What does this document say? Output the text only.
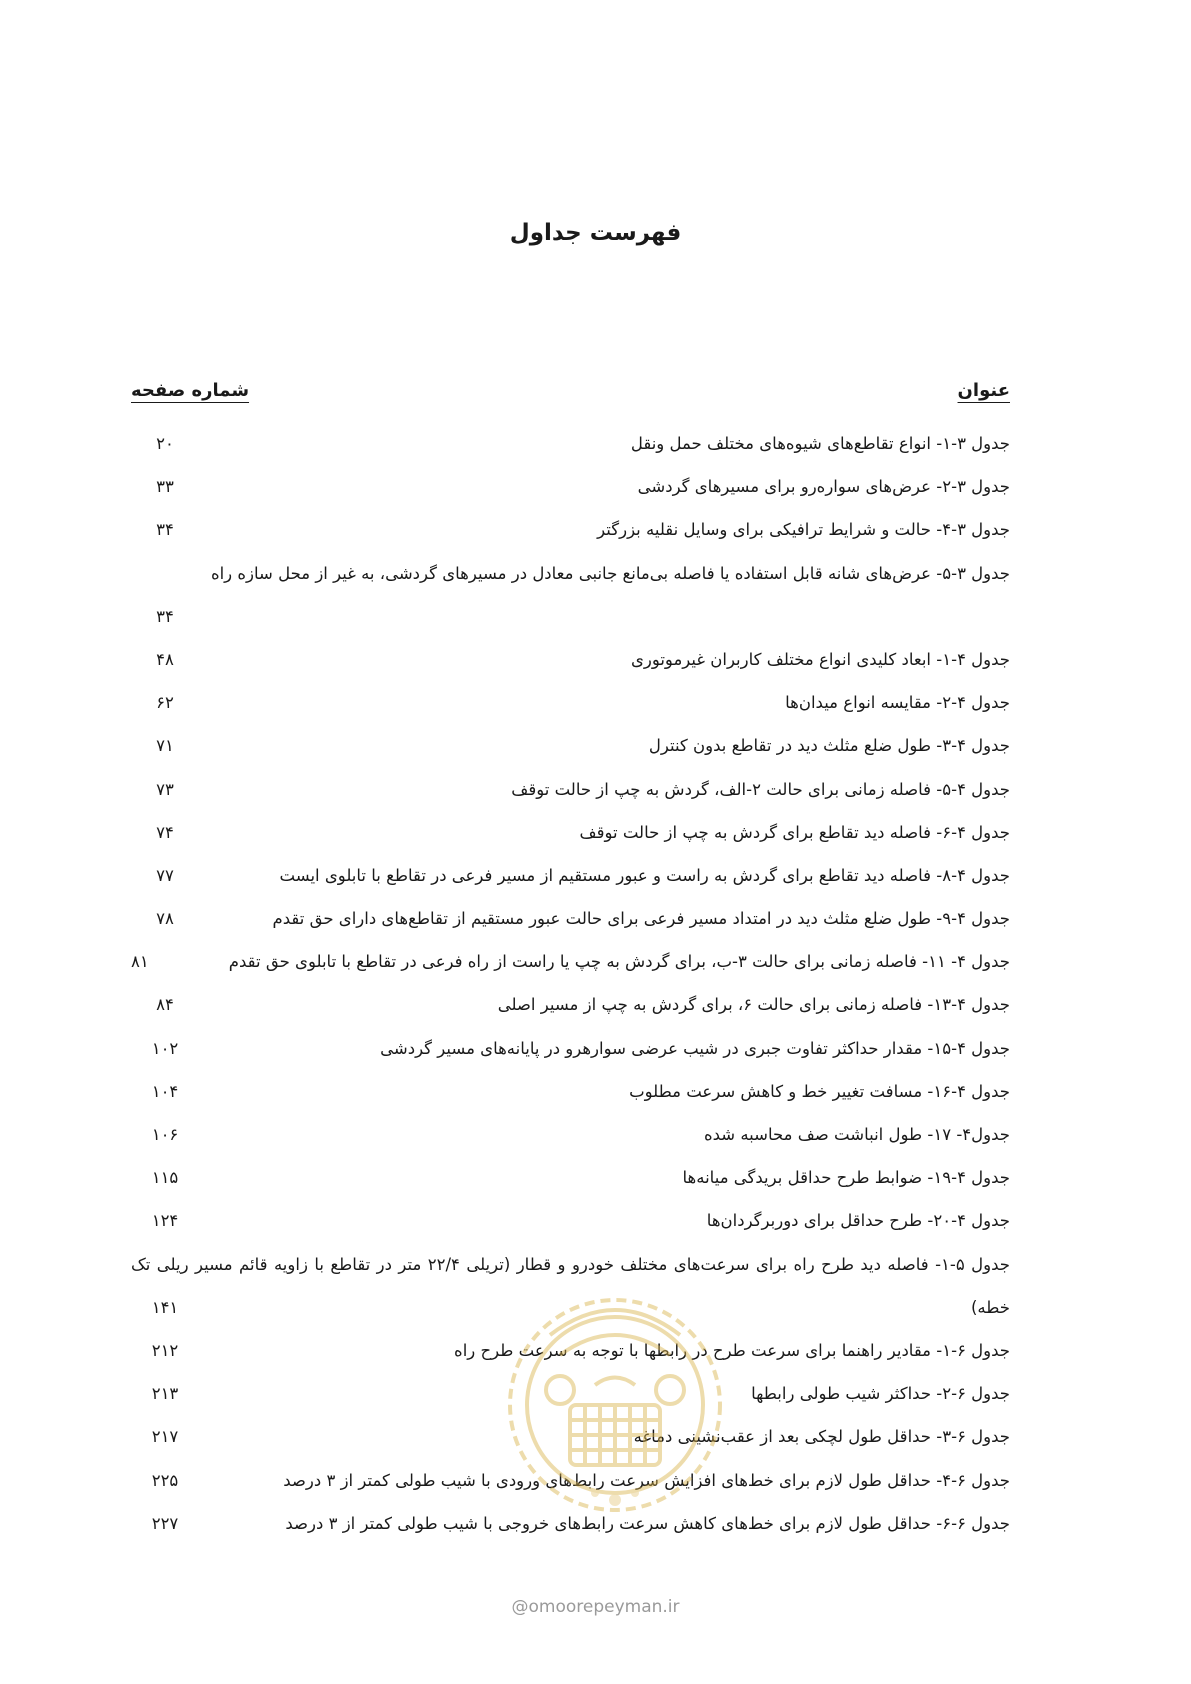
فهرست جداول
عنوان
شماره صفحه
جدول ۳-۱- انواع تقاطع‌های شیوه‌های مختلف حمل ونقل
۲۰
جدول ۳-۲- عرض‌های سواره‌رو برای مسیرهای گردشی
۳۳
جدول ۳-۴- حالت و شرایط ترافیکی برای وسایل نقلیه بزرگتر
۳۴
جدول ۳-۵- عرض‌های شانه قابل استفاده یا فاصله بی‌مانع جانبی معادل در مسیرهای گردشی، به غیر از محل سازه راه
۳۴
جدول ۴-۱- ابعاد کلیدی انواع مختلف کاربران غیرموتوری
۴۸
جدول ۴-۲- مقایسه انواع میدان‌ها
۶۲
جدول ۴-۳- طول ضلع مثلث دید در تقاطع بدون کنترل
۷۱
جدول ۴-۵- فاصله زمانی برای حالت ۲-الف، گردش به چپ از حالت توقف
۷۳
جدول ۴-۶- فاصله دید تقاطع برای گردش به چپ از حالت توقف
۷۴
جدول ۴-۸- فاصله دید تقاطع برای گردش به راست و عبور مستقیم از مسیر فرعی در تقاطع با تابلوی ایست
۷۷
جدول ۴-۹- طول ضلع مثلث دید در امتداد مسیر فرعی برای حالت عبور مستقیم از تقاطع‌های دارای حق تقدم
۷۸
جدول ۴- ۱۱- فاصله زمانی برای حالت ۳-ب، برای گردش به چپ یا راست از راه فرعی در تقاطع با تابلوی حق تقدم
۸۱
جدول ۴-۱۳- فاصله زمانی برای حالت ۶، برای گردش به چپ از مسیر اصلی
۸۴
جدول ۴-۱۵- مقدار حداکثر تفاوت جبری در شیب عرضی سوارهرو در پایانه‌های مسیر گردشی
۱۰۲
جدول ۴-۱۶- مسافت تغییر خط و کاهش سرعت مطلوب
۱۰۴
جدول۴- ۱۷- طول انباشت صف محاسبه شده
۱۰۶
جدول ۴-۱۹- ضوابط طرح حداقل بریدگی میانه‌ها
۱۱۵
جدول ۴-۲۰- طرح حداقل برای دوربرگردان‌ها
۱۲۴
جدول ۵-۱- فاصله دید طرح راه برای سرعت‌های مختلف خودرو و قطار (تریلی ۲۲/۴ متر در تقاطع با زاویه قائم مسیر ریلی تک خطه)
۱۴۱
جدول ۶-۱- مقادیر راهنما برای سرعت طرح در رابطها با توجه به سرعت طرح راه
۲۱۲
جدول ۶-۲- حداکثر شیب طولی رابطها
۲۱۳
جدول ۶-۳- حداقل طول لچکی بعد از عقب‌نشینی دماغه
۲۱۷
جدول ۶-۴- حداقل طول لازم برای خط‌های افزایش سرعت رابط‌های ورودی با شیب طولی کمتر از ۳ درصد
۲۲۵
جدول ۶-۶- حداقل طول لازم برای خط‌های کاهش سرعت رابط‌های خروجی با شیب طولی کمتر از ۳ درصد
۲۲۷
@omoorepeyman.ir
